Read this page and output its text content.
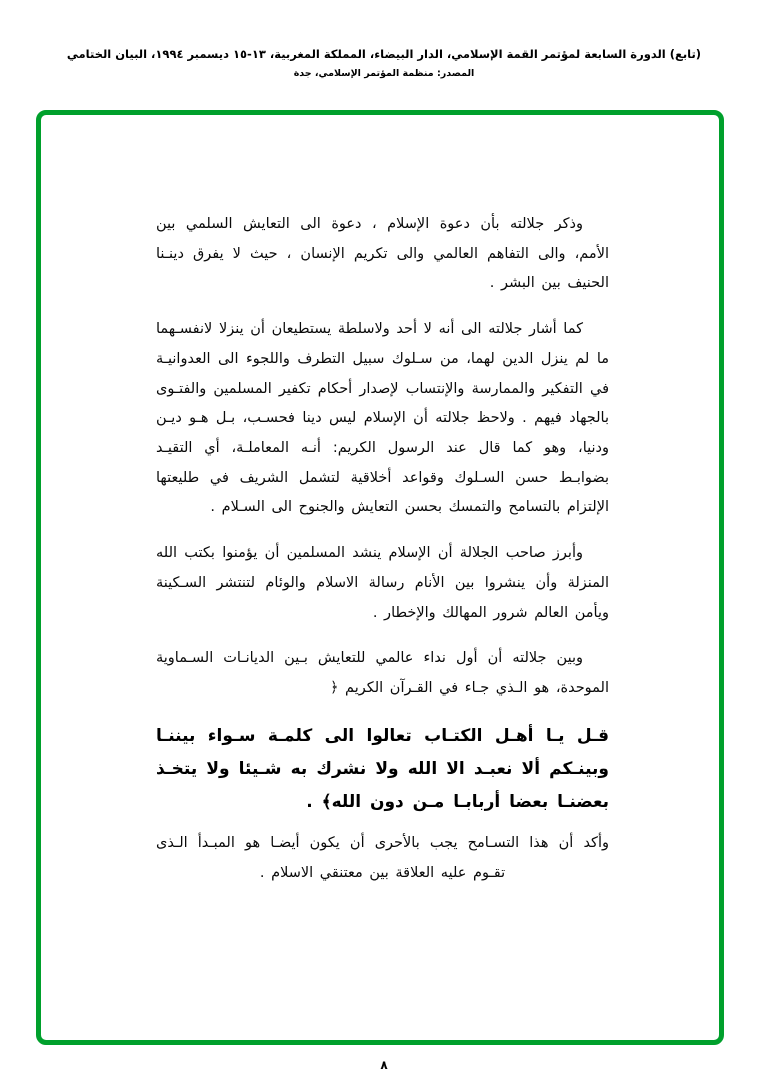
(تابع) الدورة السابعة لمؤتمر القمة الإسلامي، الدار البيضاء، المملكة المغربية، ١٣-١٥ ديسمبر ١٩٩٤، البيان الختامي
المصدر: منظمة المؤتمر الإسلامي، جدة

وذكر جلالته بأن دعوة الإسلام ، دعوة الى التعايش السلمي بين الأمم، والى التفاهم العالمي والى تكريم الإنسان ، حيث لا يفرق دينـنا الحنيف بين البشر .

كما أشار جلالته الى أنه لا أحد ولاسلطة يستطيعان أن ينزلا لانفسـهما ما لم ينزل الدين لهما، من سـلوك سبيل التطرف واللجوء الى العدوانيـة في التفكير والممارسة والإنتساب لإصدار أحكام تكفير المسلمين والفتـوى بالجهاد فيهم . ولاحظ جلالته أن الإسلام ليس دينا فحسـب، بـل هـو ديـن ودنيا، وهو كما قال عند الرسول الكريم: أنـه المعاملـة، أي التقيـد بضوابـط حسن السـلوك وقواعد أخلاقية لتشمل الشريف في طليعتها الإلتزام بالتسامح والتمسك بحسن التعايش والجنوح الى السـلام .

وأبرز صاحب الجلالة أن الإسلام ينشد المسلمين أن يؤمنوا بكتب الله المنزلة وأن ينشروا بين الأنام رسالة الاسلام والوئام لتنتشر السـكينة ويأمن العالم شرور المهالك والإخطار .

وبين جلالته أن أول نداء عالمي للتعايش بـين الديانـات السـماوية الموحدة، هو الـذي جـاء في القـرآن الكريم ﴿

قـل يـا أهـل الكتـاب تعالوا الى كلمـة سـواء بيننـا وبينـكم ألا نعبـد الا الله ولا نشرك به شـيئا ولا يتخـذ بعضنـا بعضا أربابـا مـن دون الله﴾ .

وأكد أن هذا التسـامح يجب بالأحرى أن يكون أيضـا هو المبـدأ الـذى تقـوم عليه العلاقة بين معتنقي الاسلام .

٨
